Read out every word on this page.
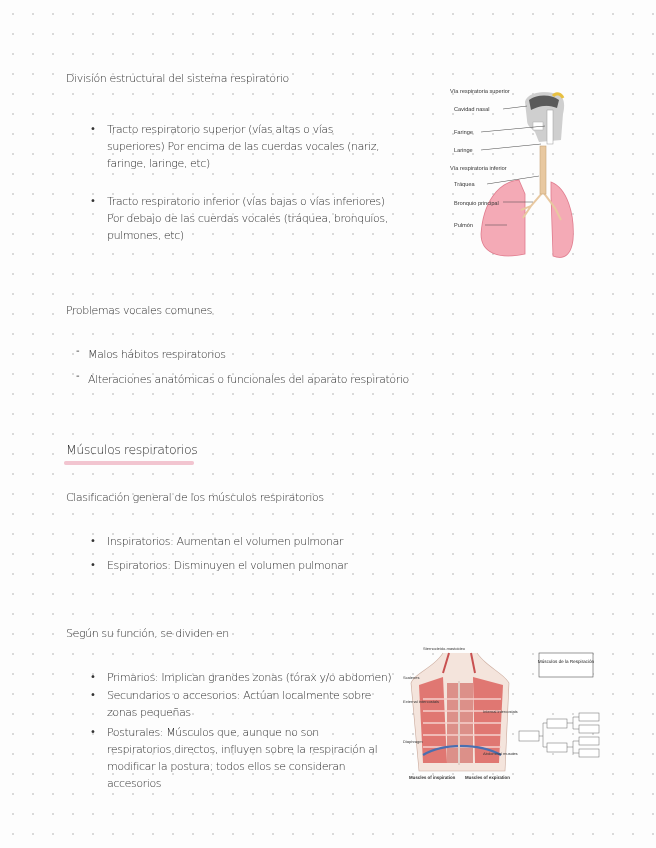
División estructural del sistema respiratorio
• Tracto respiratorio superior (vías altas o vías superiores) Por encima de las cuerdas vocales (nariz, faringe, laringe, etc)
• Tracto respiratorio inferior (vías bajas o vías inferiores) Por debajo de las cuerdas vocales (tráquea, bronquios, pulmones, etc)
Vía respiratoria superior
Cavidad nasal
Faringe
Laringe
Vía respiratoria inferior
Tráquea
Bronquio principal
Pulmón
Problemas vocales comunes
- Malos hábitos respiratorios
- Alteraciones anatómicas o funcionales del aparato respiratorio
Músculos respiratorios
Clasificación general de los músculos respiratorios
• Inspiratorios: Aumentan el volumen pulmonar
• Espiratorios: Disminuyen el volumen pulmonar
Según su función, se dividen en
• Primarios: Implican grandes zonas (tórax y/o abdomen)
• Secundarios o accesorios: Actúan localmente sobre zonas pequeñas
• Posturales: Músculos que, aunque no son respiratorios directos, influyen sobre la respiración al modificar la postura; todos ellos se consideran accesorios
Sternocleido-mastoideo
Scalenes
External intercostals
Diaphragm
Internal intercostals
Abdominal muscles
Muscles of inspiration Muscles of expiration
Músculos de la Respiración
